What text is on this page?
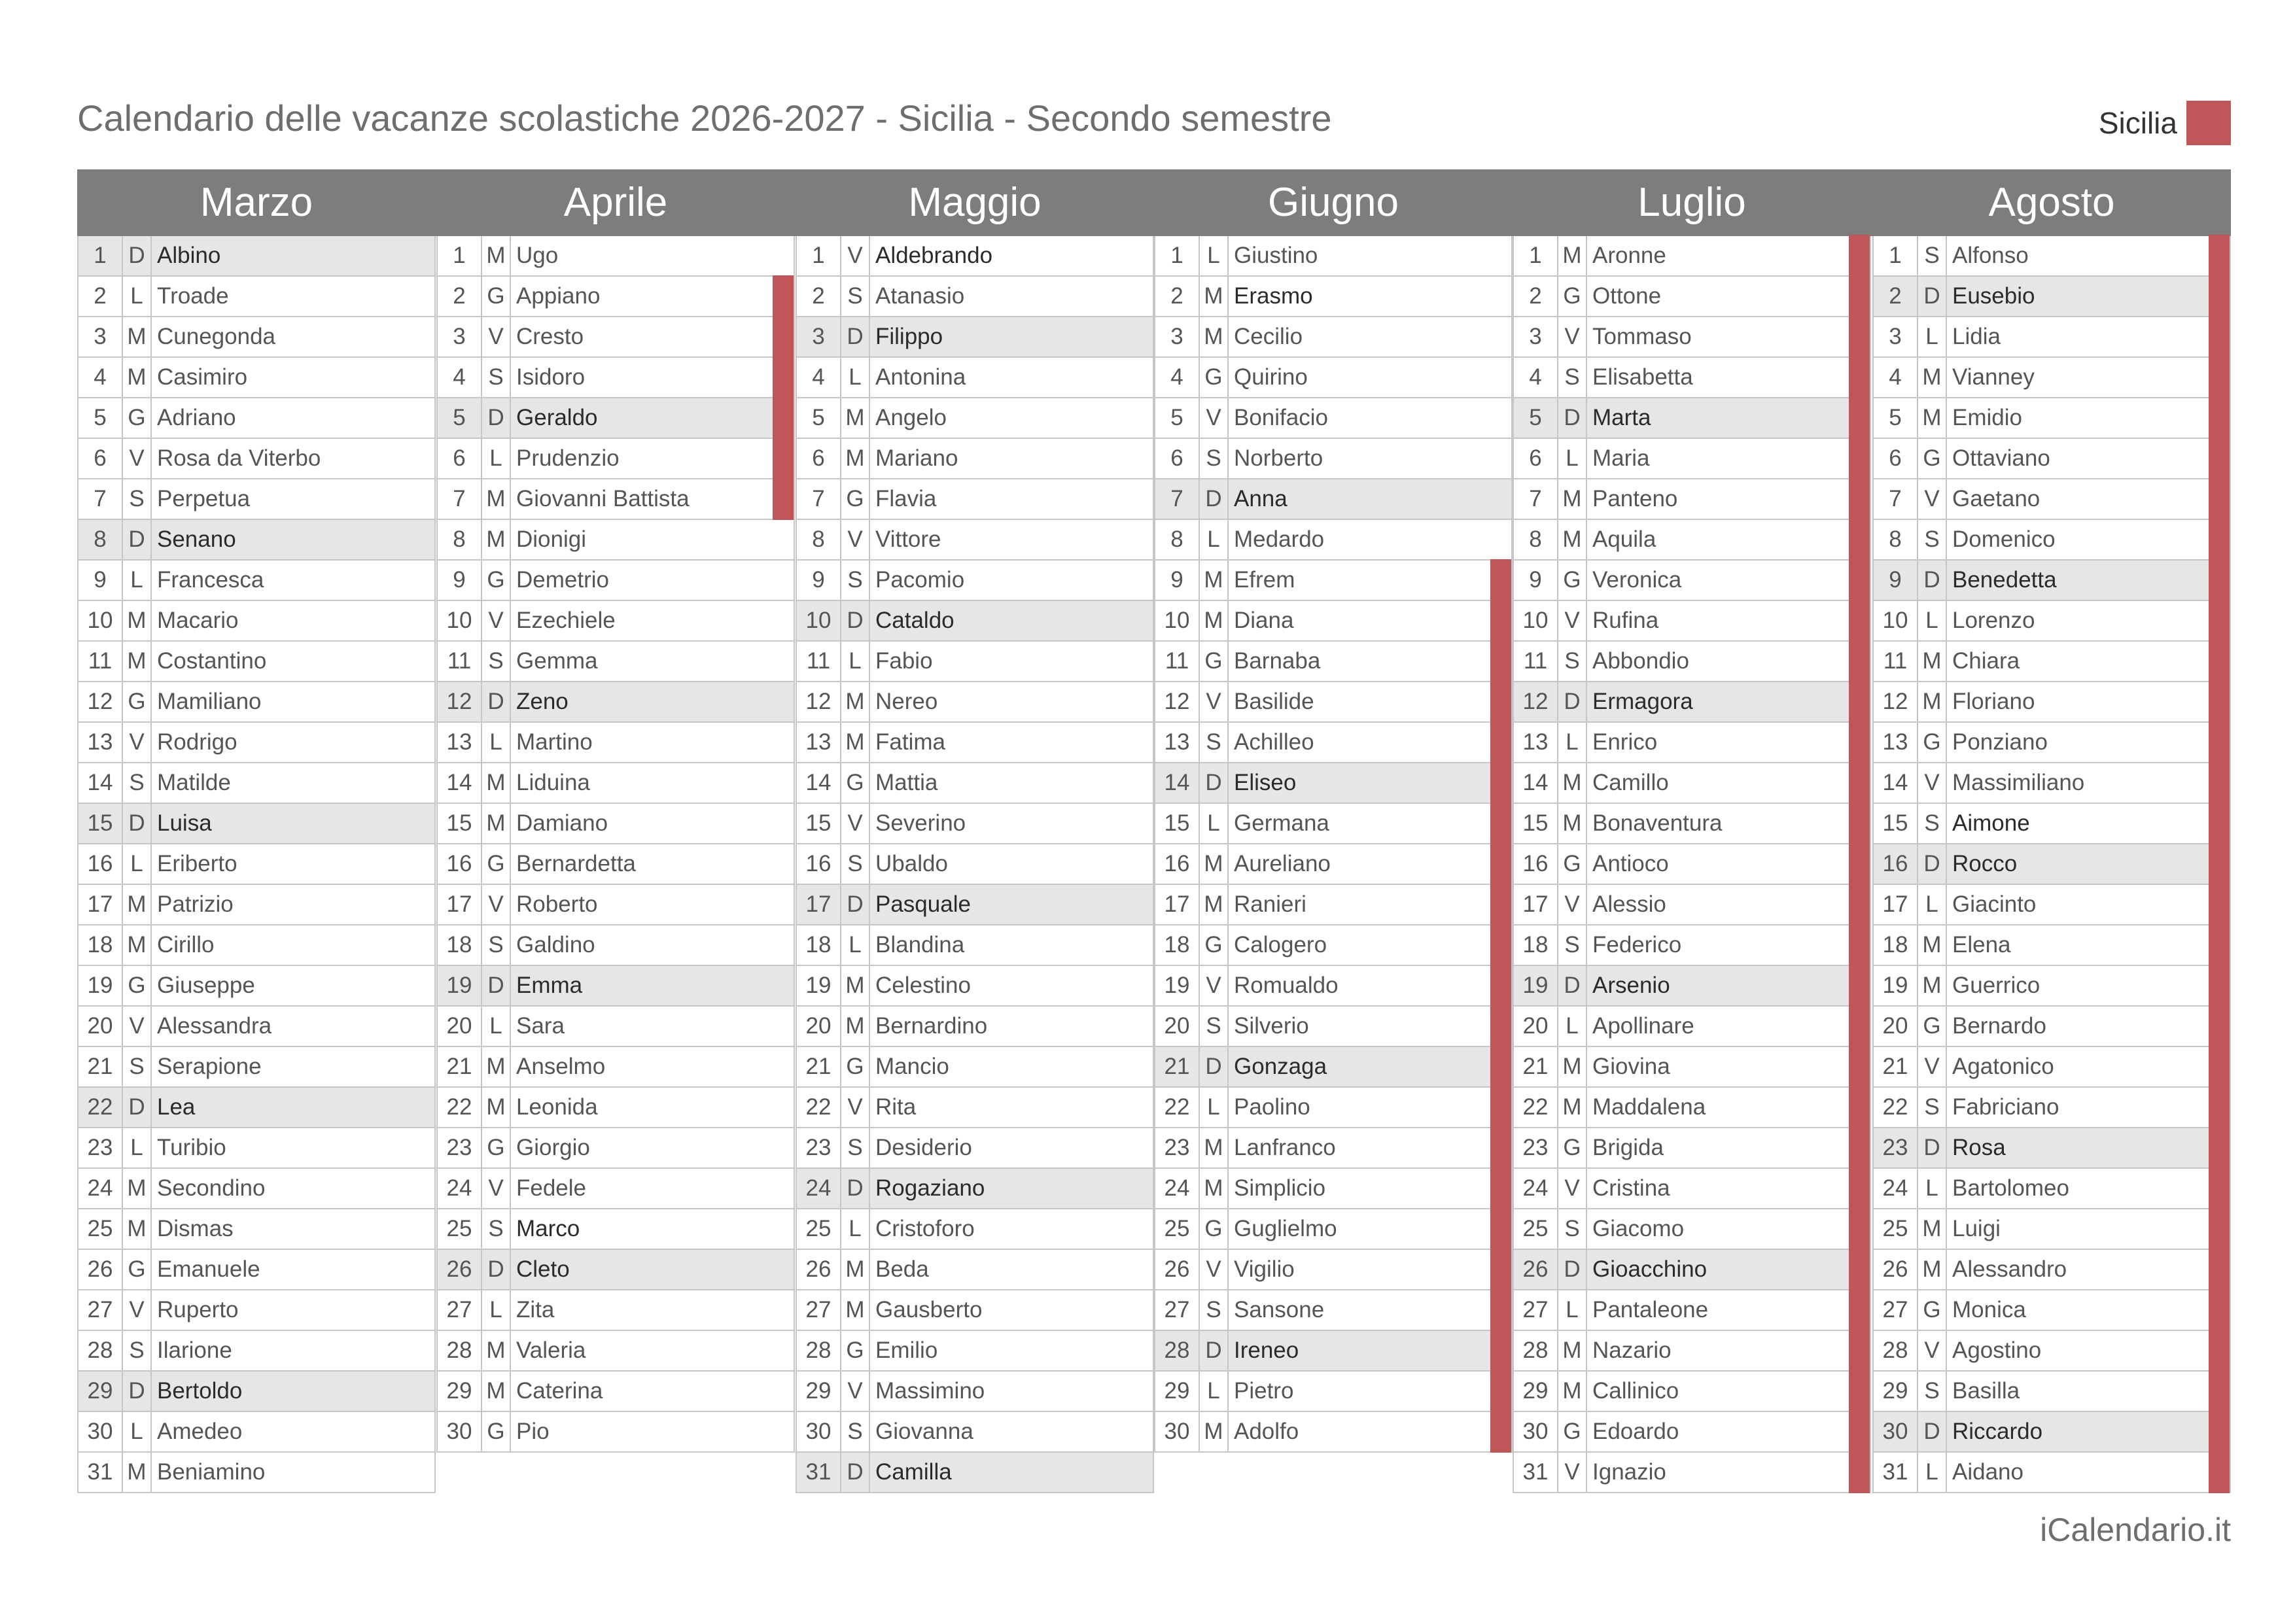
Calendario delle vacanze scolastiche 2026-2027 - Sicilia - Secondo semestre	Sicilia
Marzo	Aprile	Maggio	Giugno	Luglio	Agosto
1 D Albino
2	L Troade
3 M Cunegonda
4 M Casimiro
5 G Adriano
6 V Rosa da Viterbo
7 S Perpetua
8 D Senano
9	L Francesca
10 M Macario
11 M Costantino
12 G Mamiliano
13 V Rodrigo
14 S Matilde
15 D Luisa
16 L Eriberto
17 M Patrizio
18 M Cirillo
19 G Giuseppe
20 V Alessandra
21 S Serapione
22 D Lea
23 L Turibio
24 M Secondino
25 M Dismas
26 G Emanuele
27 V Ruperto
28 S Ilarione
29 D Bertoldo
30 L Amedeo
31 M Beniamino
1 M Ugo
2 G Appiano
3 V Cresto
4 S Isidoro
5 D Geraldo
6	L Prudenzio
7 M Giovanni Battista
8 M Dionigi
9 G Demetrio
10 V Ezechiele
11 S Gemma
12 D Zeno
13 L Martino
14 M Liduina
15 M Damiano
16 G Bernardetta
17 V Roberto
18 S Galdino
19 D Emma
20 L Sara
21 M Anselmo
22 M Leonida
23 G Giorgio
24 V Fedele
25 S Marco
26 D Cleto
27 L Zita
28 M Valeria
29 M Caterina
30 G Pio
1 V Aldebrando
2 S Atanasio
3 D Filippo
4	L Antonina
5 M Angelo
6 M Mariano
7 G Flavia
8 V Vittore
9 S Pacomio
10 D Cataldo
11 L Fabio
12 M Nereo
13 M Fatima
14 G Mattia
15 V Severino
16 S Ubaldo
17 D Pasquale
18 L Blandina
19 M Celestino
20 M Bernardino
21 G Mancio
22 V Rita
23 S Desiderio
24 D Rogaziano
25 L Cristoforo
26 M Beda
27 M Gausberto
28 G Emilio
29 V Massimino
30 S Giovanna
31 D Camilla
1	L Giustino
2 M Erasmo
3 M Cecilio
4 G Quirino
5 V Bonifacio
6 S Norberto
7 D Anna
8	L Medardo
9 M Efrem
10 M Diana
11 G Barnaba
12 V Basilide
13 S Achilleo
14 D Eliseo
15 L Germana
16 M Aureliano
17 M Ranieri
18 G Calogero
19 V Romualdo
20 S Silverio
21 D Gonzaga
22 L Paolino
23 M Lanfranco
24 M Simplicio
25 G Guglielmo
26 V Vigilio
27 S Sansone
28 D Ireneo
29 L Pietro
30 M Adolfo
1 M Aronne
2 G Ottone
3 V Tommaso
4 S Elisabetta
5 D Marta
6	L Maria
7 M Panteno
8 M Aquila
9 G Veronica
10 V Rufina
11 S Abbondio
12 D Ermagora
13 L Enrico
14 M Camillo
15 M Bonaventura
16 G Antioco
17 V Alessio
18 S Federico
19 D Arsenio
20 L Apollinare
21 M Giovina
22 M Maddalena
23 G Brigida
24 V Cristina
25 S Giacomo
26 D Gioacchino
27 L Pantaleone
28 M Nazario
29 M Callinico
30 G Edoardo
31 V Ignazio
1 S Alfonso
2 D Eusebio
3	L Lidia
4 M Vianney
5 M Emidio
6 G Ottaviano
7 V Gaetano
8 S Domenico
9 D Benedetta
10 L Lorenzo
11 M Chiara
12 M Floriano
13 G Ponziano
14 V Massimiliano
15 S Aimone
16 D Rocco
17 L Giacinto
18 M Elena
19 M Guerrico
20 G Bernardo
21 V Agatonico
22 S Fabriciano
23 D Rosa
24 L Bartolomeo
25 M Luigi
26 M Alessandro
27 G Monica
28 V Agostino
29 S Basilla
30 D Riccardo
31 L Aidano
iCalendario.it
